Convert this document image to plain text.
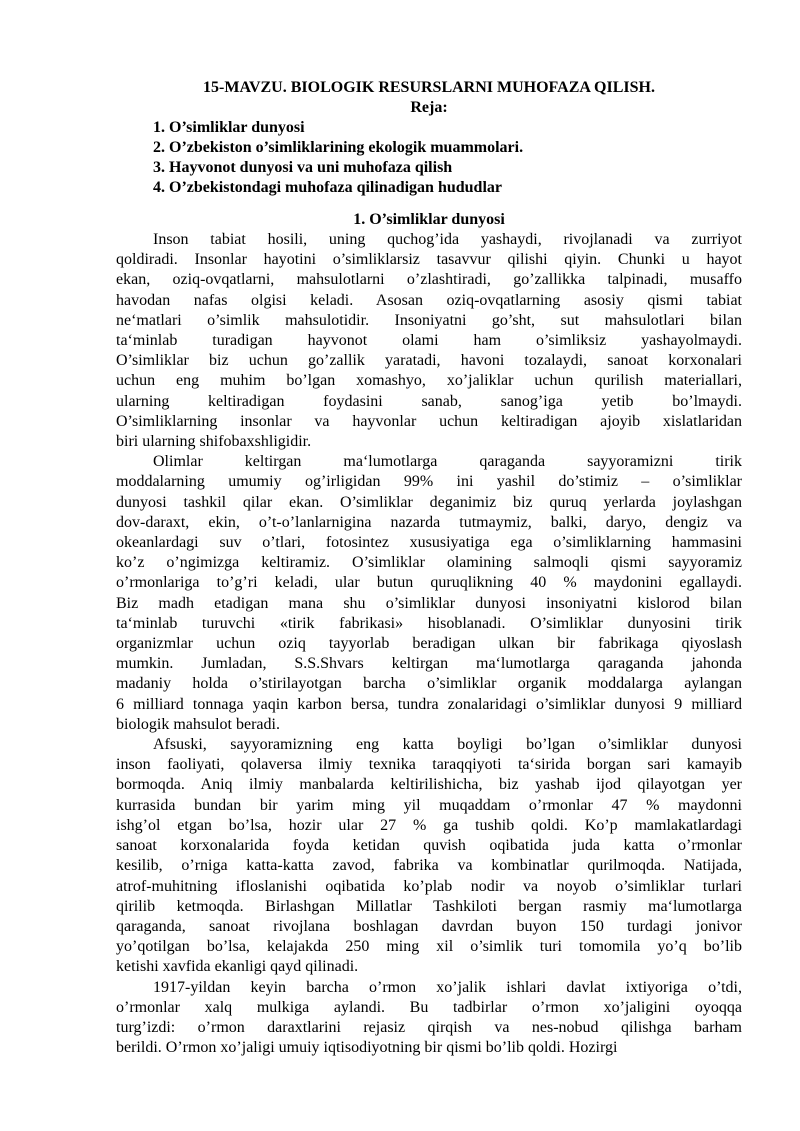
15-MAVZU. BIOLOGIK RESURSLARNI MUHOFAZA QILISH.

Reja:

1. O’simliklar dunyosi
2. O’zbekiston o’simliklarining ekologik muammolari.
3. Hayvonot dunyosi va uni muhofaza qilish
4. O’zbekistondagi muhofaza qilinadigan hududlar

1. O’simliklar dunyosi

Inson tabiat hosili, uning quchog’ida yashaydi, rivojlanadi va zurriyot
qoldiradi. Insonlar hayotini o’simliklarsiz tasavvur qilishi qiyin. Chunki u hayot
ekan, oziq-ovqatlarni, mahsulotlarni o’zlashtiradi, go’zallikka talpinadi, musaffo
havodan nafas olgisi keladi. Asosan oziq-ovqatlarning asosiy qismi tabiat
ne‘matlari o’simlik mahsulotidir. Insoniyatni go’sht, sut mahsulotlari bilan
ta‘minlab turadigan hayvonot olami ham o’simliksiz yashayolmaydi.
O’simliklar biz uchun go’zallik yaratadi, havoni tozalaydi, sanoat korxonalari
uchun eng muhim bo’lgan xomashyo, xo’jaliklar uchun qurilish materiallari,
ularning keltiradigan foydasini sanab, sanog’iga yetib bo’lmaydi.
O’simliklarning insonlar va hayvonlar uchun keltiradigan ajoyib xislatlaridan
biri ularning shifobaxshligidir.

Olimlar keltirgan ma‘lumotlarga qaraganda sayyoramizni tirik
moddalarning umumiy og’irligidan 99% ini yashil do’stimiz – o’simliklar
dunyosi tashkil qilar ekan. O’simliklar deganimiz biz quruq yerlarda joylashgan
dov-daraxt, ekin, o’t-o’lanlarnigina nazarda tutmaymiz, balki, daryo, dengiz va
okeanlardagi suv o’tlari, fotosintez xususiyatiga ega o’simliklarning hammasini
ko’z o’ngimizga keltiramiz. O’simliklar olamining salmoqli qismi sayyoramiz
o’rmonlariga to’g’ri keladi, ular butun quruqlikning 40 % maydonini egallaydi.
Biz madh etadigan mana shu o’simliklar dunyosi insoniyatni kislorod bilan
ta‘minlab turuvchi «tirik fabrikasi» hisoblanadi. O’simliklar dunyosini tirik
organizmlar uchun oziq tayyorlab beradigan ulkan bir fabrikaga qiyoslash
mumkin. Jumladan, S.S.Shvars keltirgan ma‘lumotlarga qaraganda jahonda
madaniy holda o’stirilayotgan barcha o’simliklar organik moddalarga aylangan
6 milliard tonnaga yaqin karbon bersa, tundra zonalaridagi o’simliklar dunyosi 9 milliard
biologik mahsulot beradi.

Afsuski, sayyoramizning eng katta boyligi bo’lgan o’simliklar dunyosi
inson faoliyati, qolaversa ilmiy texnika taraqqiyoti ta‘sirida borgan sari kamayib
bormoqda. Aniq ilmiy manbalarda keltirilishicha, biz yashab ijod qilayotgan yer
kurrasida bundan bir yarim ming yil muqaddam o’rmonlar 47 % maydonni
ishg’ol etgan bo’lsa, hozir ular 27 % ga tushib qoldi. Ko’p mamlakatlardagi
sanoat korxonalarida foyda ketidan quvish oqibatida juda katta o’rmonlar
kesilib, o’rniga katta-katta zavod, fabrika va kombinatlar qurilmoqda. Natijada,
atrof-muhitning ifloslanishi oqibatida ko’plab nodir va noyob o’simliklar turlari
qirilib ketmoqda. Birlashgan Millatlar Tashkiloti bergan rasmiy ma‘lumotlarga
qaraganda, sanoat rivojlana boshlagan davrdan buyon 150 turdagi jonivor
yo’qotilgan bo’lsa, kelajakda 250 ming xil o’simlik turi tomomila yo’q bo’lib
ketishi xavfida ekanligi qayd qilinadi.

1917-yildan keyin barcha o’rmon xo’jalik ishlari davlat ixtiyoriga o’tdi,
o’rmonlar xalq mulkiga aylandi. Bu tadbirlar o’rmon xo’jaligini oyoqqa
turg’izdi: o’rmon daraxtlarini rejasiz qirqish va nes-nobud qilishga barham
berildi. O’rmon xo’jaligi umuiy iqtisodiyotning bir qismi bo’lib qoldi. Hozirgi
